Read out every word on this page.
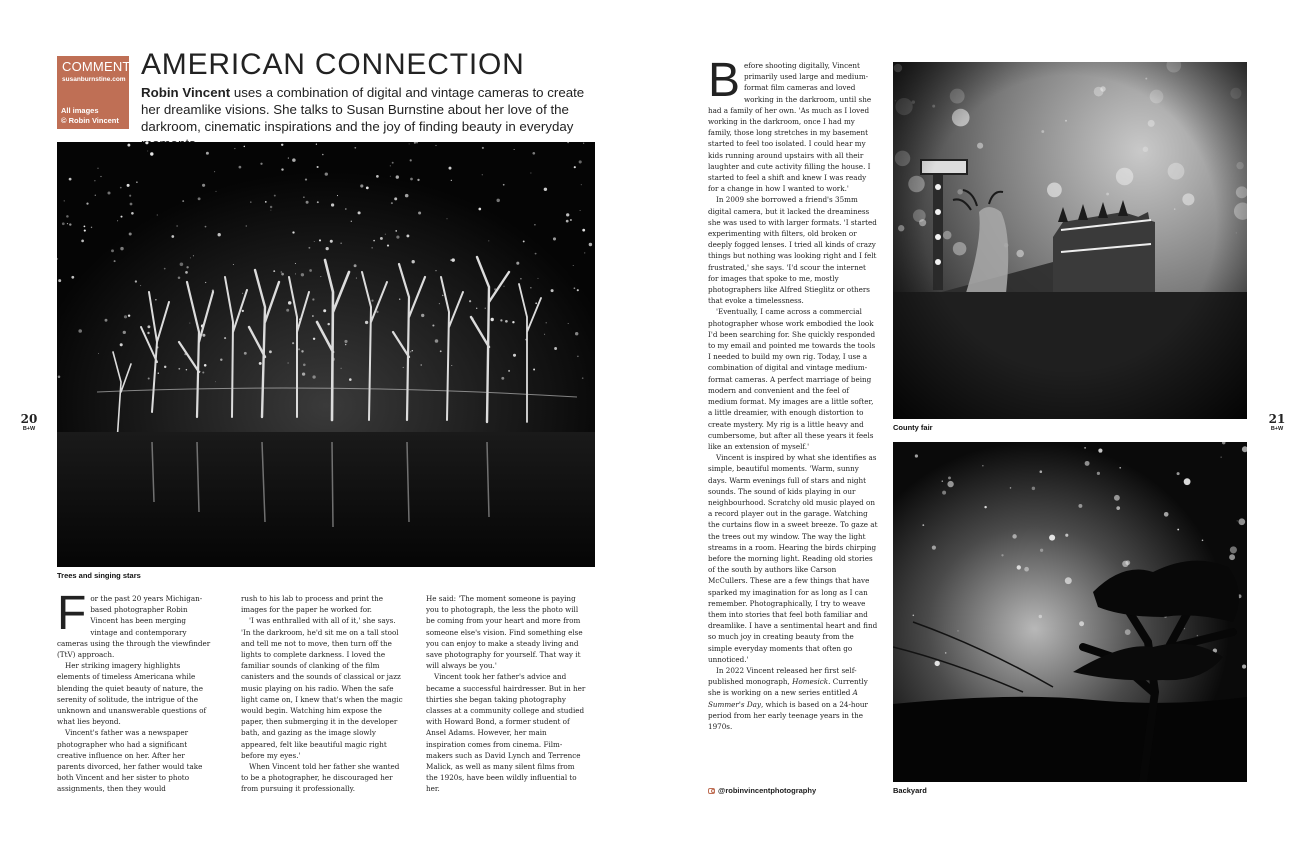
COMMENT
susanburnstine.com
All images
© Robin Vincent
AMERICAN CONNECTION
Robin Vincent uses a combination of digital and vintage cameras to create her dreamlike visions. She talks to Susan Burnstine about her love of the darkroom, cinematic inspirations and the joy of finding beauty in everyday
Trees and singing stars
20
B+W
F or the past 20 years Michigan-based photographer Robin Vincent has been merging vintage and contemporary cameras using the through the viewfinder (TtV) approach.

Her striking imagery highlights elements of timeless Americana while blending the quiet beauty of nature, the serenity of solitude, the intrigue of the unknown and unanswerable questions of what lies beyond.

Vincent's father was a newspaper photographer who had a significant creative influence on her. After her parents divorced, her father would take both Vincent and her sister to photo assignments, then they would

rush to his lab to process and print the images for the paper he worked for.

'I was enthralled with all of it,' she says. 'In the darkroom, he'd sit me on a tall stool and tell me not to move, then turn off the lights to complete darkness. I loved the familiar sounds of clanking of the film canisters and the sounds of classical or jazz music playing on his radio. When the safe light came on, I knew that's when the magic would begin. Watching him expose the paper, then submerging it in the developer bath, and gazing as the image slowly appeared, felt like beautiful magic right before my eyes.'

When Vincent told her father she wanted to be a photographer, he discouraged her from pursuing it professionally.

He said: 'The moment someone is paying you to photograph, the less the photo will be coming from your heart and more from someone else's vision. Find something else you can enjoy to make a steady living and save photography for yourself. That way it will always be you.'

Vincent took her father's advice and became a successful hairdresser. But in her thirties she began taking photography classes at a community college and studied with Howard Bond, a former student of Ansel Adams. However, her main inspiration comes from cinema. Film-makers such as David Lynch and Terrence Malick, as well as many silent films from the 1920s, have been wildly influential to her.

B efore shooting digitally, Vincent primarily used large and medium-format film cameras and loved working in the darkroom, until she had a family of her own. 'As much as I loved working in the darkroom, once I had my family, those long stretches in my basement started to feel too isolated. I could hear my kids running around upstairs with all their laughter and cute activity filling the house. I started to feel a shift and knew I was ready for a change in how I wanted to work.'

In 2009 she borrowed a friend's 35mm digital camera, but it lacked the dreaminess she was used to with larger formats. 'I started experimenting with filters, old broken or deeply fogged lenses. I tried all kinds of crazy things but nothing was looking right and I felt frustrated,' she says. 'I'd scour the internet for images that spoke to me, mostly photographers like Alfred Stieglitz or others that evoke a timelessness.

'Eventually, I came across a commercial photographer whose work embodied the look I'd been searching for. She quickly responded to my email and pointed me towards the tools I needed to build my own rig. Today, I use a combination of digital and vintage medium-format cameras. A perfect marriage of being modern and convenient and the feel of medium format. My images are a little softer, a little dreamier, with enough distortion to create mystery. My rig is a little heavy and cumbersome, but after all these years it feels like an extension of myself.'

Vincent is inspired by what she identifies as simple, beautiful moments. 'Warm, sunny days. Warm evenings full of stars and night sounds. The sound of kids playing in our neighbourhood. Scratchy old music played on a record player out in the garage. Watching the curtains flow in a sweet breeze. To gaze at the trees out my window. The way the light streams in a room. Hearing the birds chirping before the morning light. Reading old stories of the south by authors like Carson McCullers. These are a few things that have sparked my imagination for as long as I can remember. Photographically, I try to weave them into stories that feel both familiar and dreamlike. I have a sentimental heart and find so much joy in creating beauty from the simple everyday moments that often go unnoticed.'

In 2022 Vincent released her first self-published monograph, Homesick. Currently she is working on a new series entitled A Summer's Day, which is based on a 24-hour period from her early teenage years in the 1970s.

@robinvincentphotography
County fair
Backyard
21
B+W
